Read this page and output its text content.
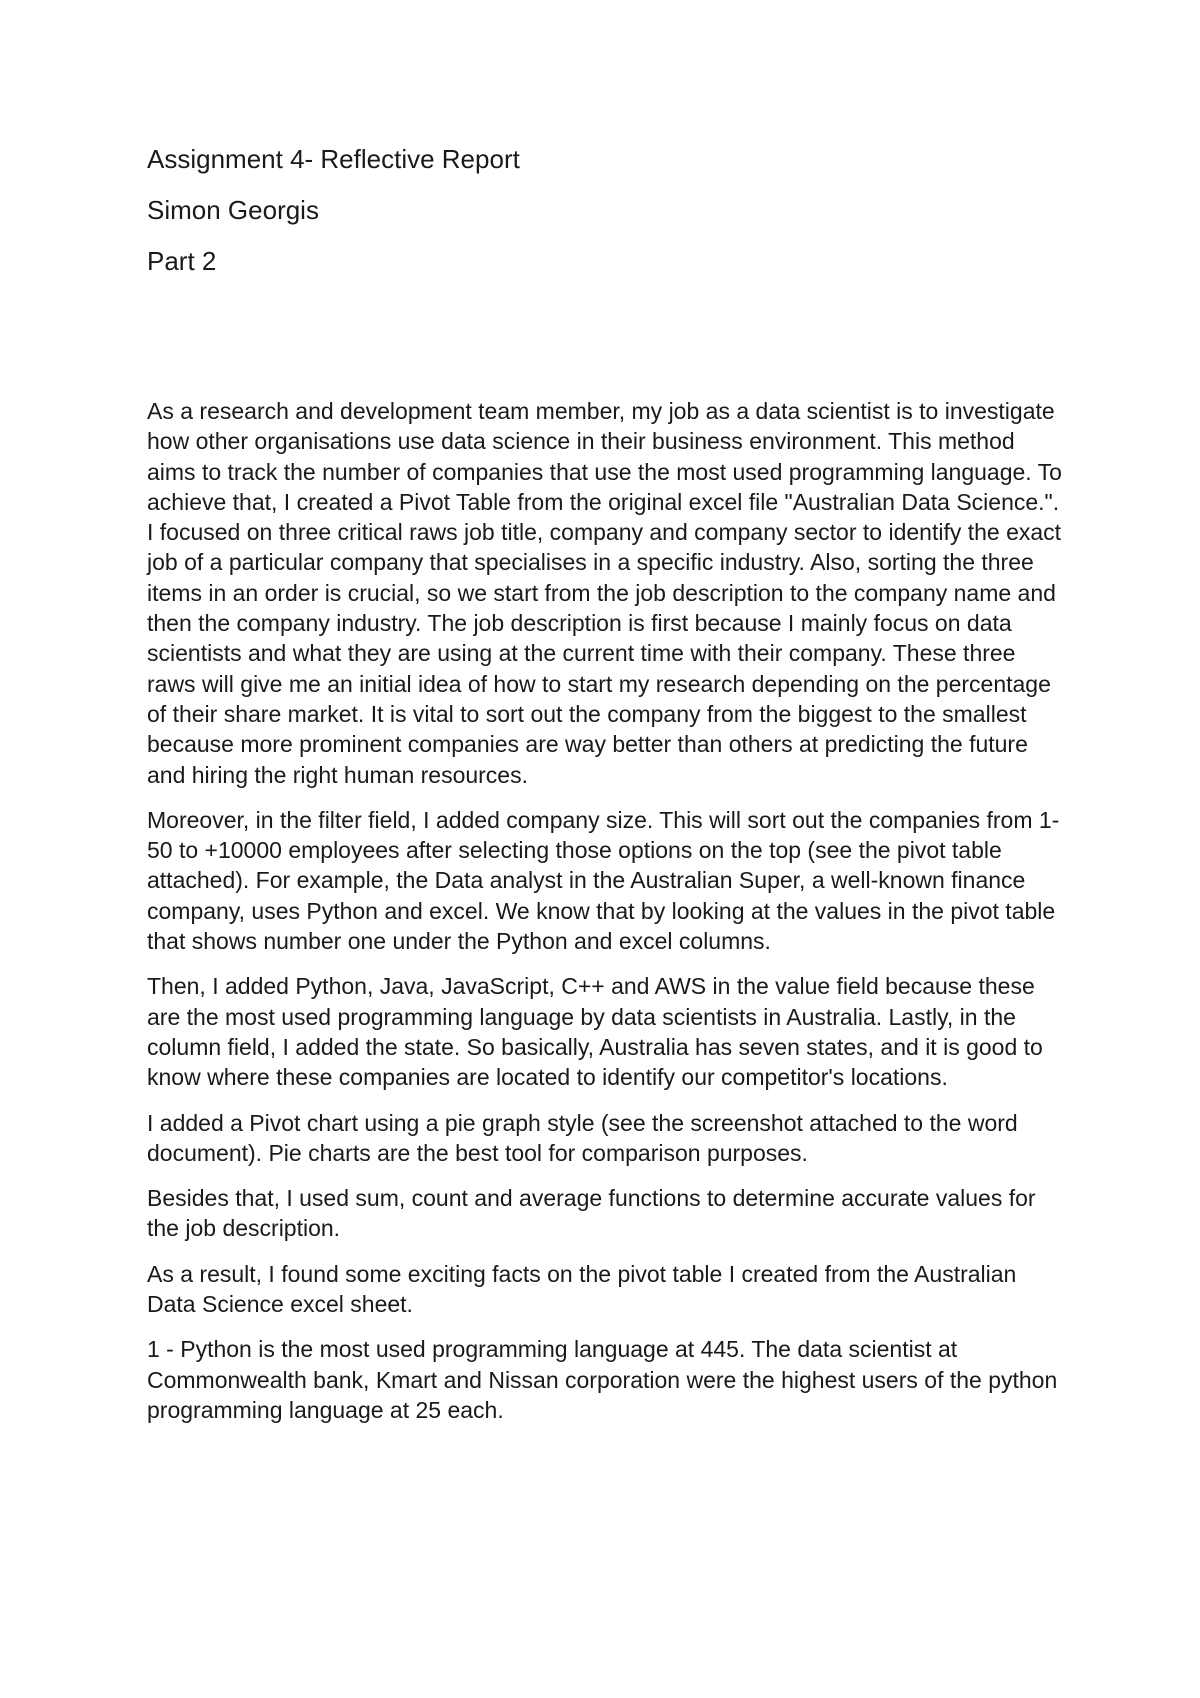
Assignment 4- Reflective Report
Simon Georgis
Part 2

As a research and development team member, my job as a data scientist is to investigate how other organisations use data science in their business environment. This method aims to track the number of companies that use the most used programming language. To achieve that, I created a Pivot Table from the original excel file "Australian Data Science.". I focused on three critical raws job title, company and company sector to identify the exact job of a particular company that specialises in a specific industry. Also, sorting the three items in an order is crucial, so we start from the job description to the company name and then the company industry. The job description is first because I mainly focus on data scientists and what they are using at the current time with their company. These three raws will give me an initial idea of how to start my research depending on the percentage of their share market. It is vital to sort out the company from the biggest to the smallest because more prominent companies are way better than others at predicting the future and hiring the right human resources.

Moreover, in the filter field, I added company size. This will sort out the companies from 1-50 to +10000 employees after selecting those options on the top (see the pivot table attached). For example, the Data analyst in the Australian Super, a well-known finance company, uses Python and excel. We know that by looking at the values in the pivot table that shows number one under the Python and excel columns.

Then, I added Python, Java, JavaScript, C++ and AWS in the value field because these are the most used programming language by data scientists in Australia. Lastly, in the column field, I added the state. So basically, Australia has seven states, and it is good to know where these companies are located to identify our competitor's locations.

I added a Pivot chart using a pie graph style (see the screenshot attached to the word document). Pie charts are the best tool for comparison purposes.

Besides that, I used sum, count and average functions to determine accurate values for the job description.

As a result, I found some exciting facts on the pivot table I created from the Australian Data Science excel sheet.

1 - Python is the most used programming language at 445. The data scientist at Commonwealth bank, Kmart and Nissan corporation were the highest users of the python programming language at 25 each.
